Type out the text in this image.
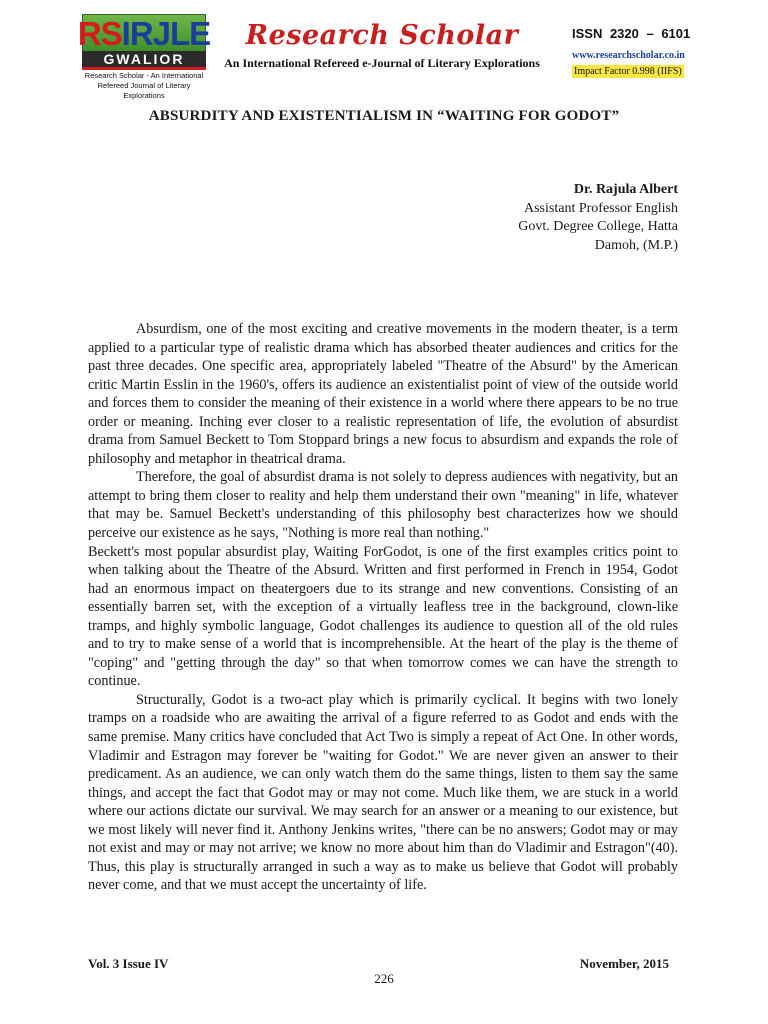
RS IRJLE
GWALIOR
Research Scholar - An International
Refereed Journal of Literary Explorations
Research Scholar
An International Refereed e-Journal of Literary Explorations
ISSN 2320 – 6101
www.researchscholar.co.in
Impact Factor 0.998 (IIFS)
ABSURDITY AND EXISTENTIALISM IN “WAITING FOR GODOT”
Dr. Rajula Albert
Assistant Professor English
Govt. Degree College, Hatta
Damoh, (M.P.)

Absurdism, one of the most exciting and creative movements in the modern theater, is a term applied to a particular type of realistic drama which has absorbed theater audiences and critics for the past three decades. One specific area, appropriately labeled "Theatre of the Absurd" by the American critic Martin Esslin in the 1960's, offers its audience an existentialist point of view of the outside world and forces them to consider the meaning of their existence in a world where there appears to be no true order or meaning. Inching ever closer to a realistic representation of life, the evolution of absurdist drama from Samuel Beckett to Tom Stoppard brings a new focus to absurdism and expands the role of philosophy and metaphor in theatrical drama.

Therefore, the goal of absurdist drama is not solely to depress audiences with negativity, but an attempt to bring them closer to reality and help them understand their own "meaning" in life, whatever that may be. Samuel Beckett's understanding of this philosophy best characterizes how we should perceive our existence as he says, "Nothing is more real than nothing."

Beckett's most popular absurdist play, Waiting ForGodot, is one of the first examples critics point to when talking about the Theatre of the Absurd. Written and first performed in French in 1954, Godot had an enormous impact on theatergoers due to its strange and new conventions. Consisting of an essentially barren set, with the exception of a virtually leafless tree in the background, clown-like tramps, and highly symbolic language, Godot challenges its audience to question all of the old rules and to try to make sense of a world that is incomprehensible. At the heart of the play is the theme of "coping" and "getting through the day" so that when tomorrow comes we can have the strength to continue.

Structurally, Godot is a two-act play which is primarily cyclical. It begins with two lonely tramps on a roadside who are awaiting the arrival of a figure referred to as Godot and ends with the same premise. Many critics have concluded that Act Two is simply a repeat of Act One. In other words, Vladimir and Estragon may forever be "waiting for Godot." We are never given an answer to their predicament. As an audience, we can only watch them do the same things, listen to them say the same things, and accept the fact that Godot may or may not come. Much like them, we are stuck in a world where our actions dictate our survival. We may search for an answer or a meaning to our existence, but we most likely will never find it. Anthony Jenkins writes, "there can be no answers; Godot may or may not exist and may or may not arrive; we know no more about him than do Vladimir and Estragon"(40). Thus, this play is structurally arranged in such a way as to make us believe that Godot will probably never come, and that we must accept the uncertainty of life.

Vol. 3 Issue IV	November, 2015
226
